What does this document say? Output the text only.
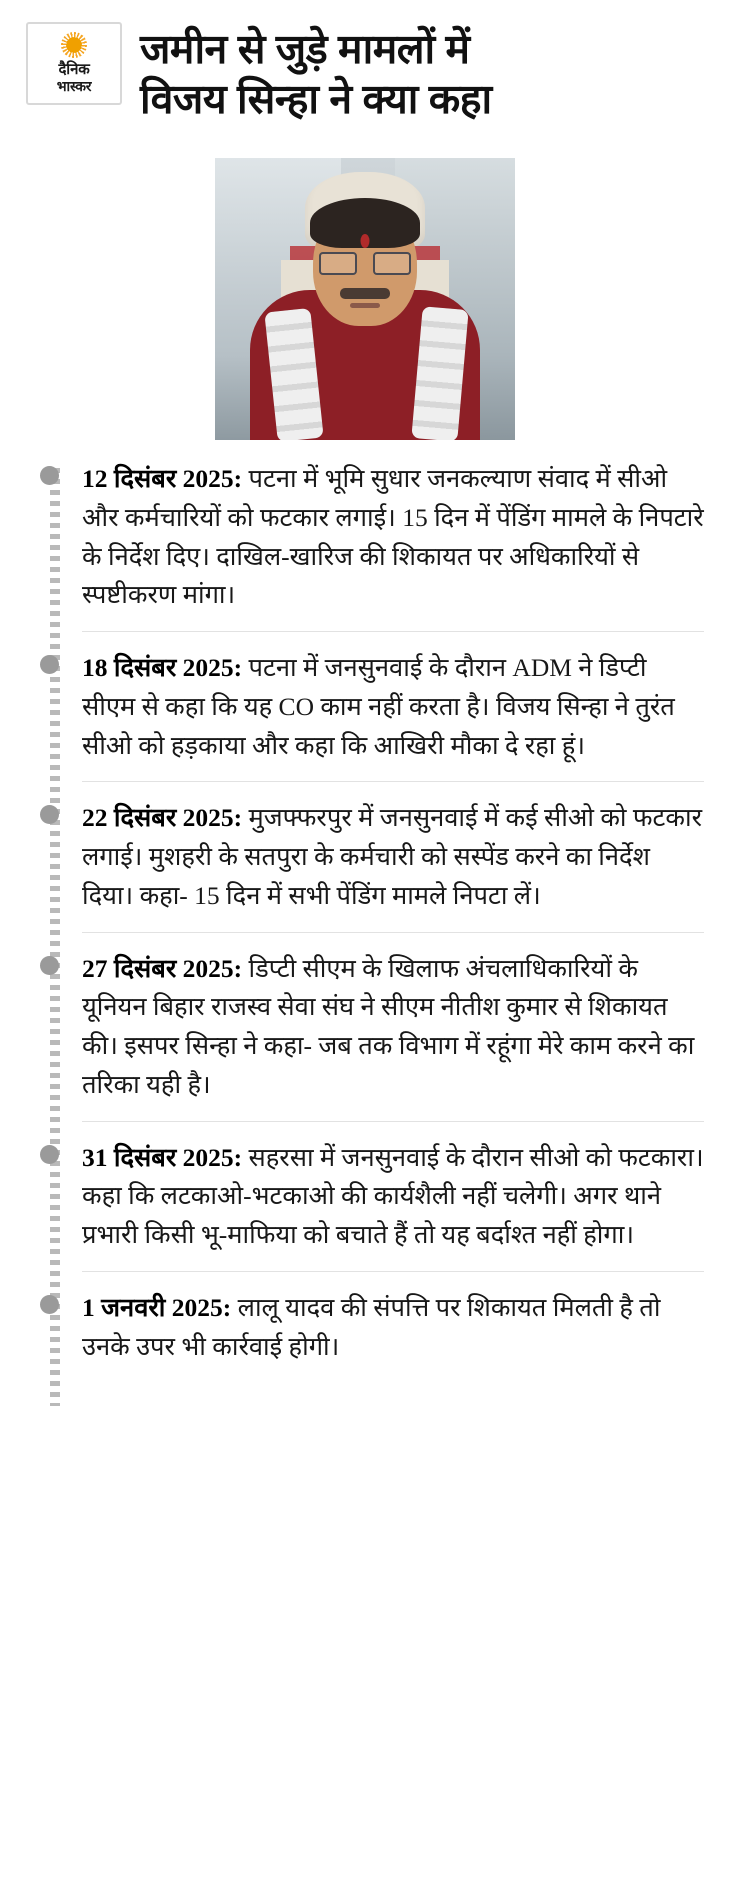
दैनिक
भास्कर
जमीन से जुड़े मामलों में
विजय सिन्हा ने क्या कहा
12 दिसंबर 2025: पटना में भूमि सुधार जनकल्याण संवाद में सीओ और कर्मचारियों को फटकार लगाई। 15 दिन में पेंडिंग मामले के निपटारे के निर्देश दिए। दाखिल-खारिज की शिकायत पर अधिकारियों से स्पष्टीकरण मांगा।
18 दिसंबर 2025: पटना में जनसुनवाई के दौरान ADM ने डिप्टी सीएम से कहा कि यह CO काम नहीं करता है। विजय सिन्हा ने तुरंत सीओ को हड़काया और कहा कि आखिरी मौका दे रहा हूं।
22 दिसंबर 2025: मुजफ्फरपुर में जनसुनवाई में कई सीओ को फटकार लगाई। मुशहरी के सतपुरा के कर्मचारी को सस्पेंड करने का निर्देश दिया। कहा- 15 दिन में सभी पेंडिंग मामले निपटा लें।
27 दिसंबर 2025: डिप्टी सीएम के खिलाफ अंचलाधिकारियों के यूनियन बिहार राजस्व सेवा संघ ने सीएम नीतीश कुमार से शिकायत की। इसपर सिन्हा ने कहा- जब तक विभाग में रहूंगा मेरे काम करने का तरिका यही है।
31 दिसंबर 2025: सहरसा में जनसुनवाई के दौरान सीओ को फटकारा। कहा कि लटकाओ-भटकाओ की कार्यशैली नहीं चलेगी। अगर थाने प्रभारी किसी भू-माफिया को बचाते हैं तो यह बर्दाश्त नहीं होगा।
1 जनवरी 2025: लालू यादव की संपत्ति पर शिकायत मिलती है तो उनके उपर भी कार्रवाई होगी।
